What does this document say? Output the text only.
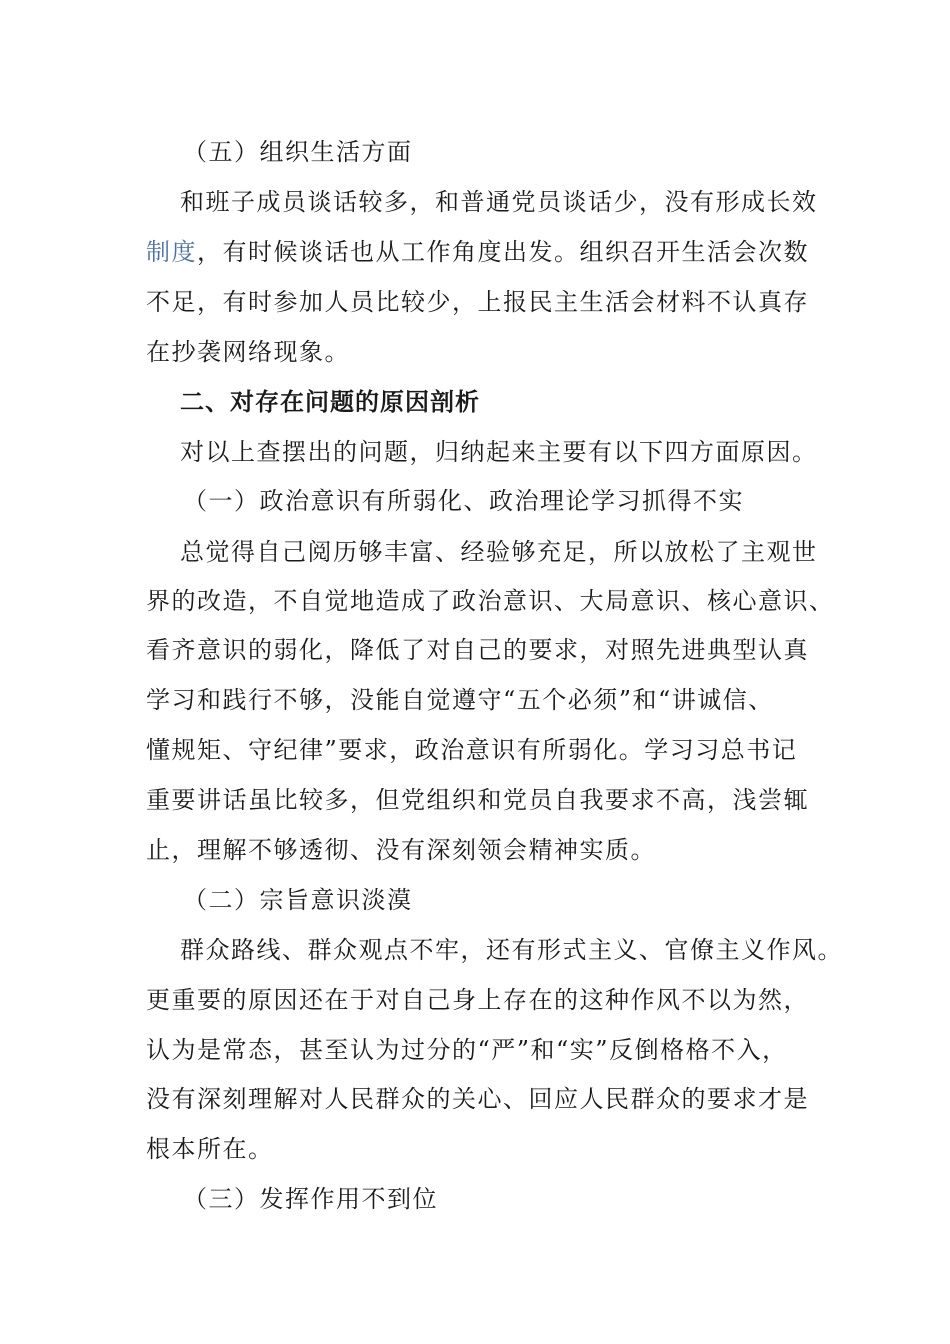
（五）组织生活方面
和班子成员谈话较多，和普通党员谈话少，没有形成长效
制度，有时候谈话也从工作角度出发。组织召开生活会次数
不足，有时参加人员比较少，上报民主生活会材料不认真存
在抄袭网络现象。
二、对存在问题的原因剖析
对以上查摆出的问题，归纳起来主要有以下四方面原因。
（一）政治意识有所弱化、政治理论学习抓得不实
总觉得自己阅历够丰富、经验够充足，所以放松了主观世
界的改造，不自觉地造成了政治意识、大局意识、核心意识、
看齐意识的弱化，降低了对自己的要求，对照先进典型认真
学习和践行不够，没能自觉遵守“五个必须”和“讲诚信、
懂规矩、守纪律”要求，政治意识有所弱化。学习习总书记
重要讲话虽比较多，但党组织和党员自我要求不高，浅尝辄
止，理解不够透彻、没有深刻领会精神实质。
（二）宗旨意识淡漠
群众路线、群众观点不牢，还有形式主义、官僚主义作风。
更重要的原因还在于对自己身上存在的这种作风不以为然，
认为是常态，甚至认为过分的“严”和“实”反倒格格不入，
没有深刻理解对人民群众的关心、回应人民群众的要求才是
根本所在。
（三）发挥作用不到位
